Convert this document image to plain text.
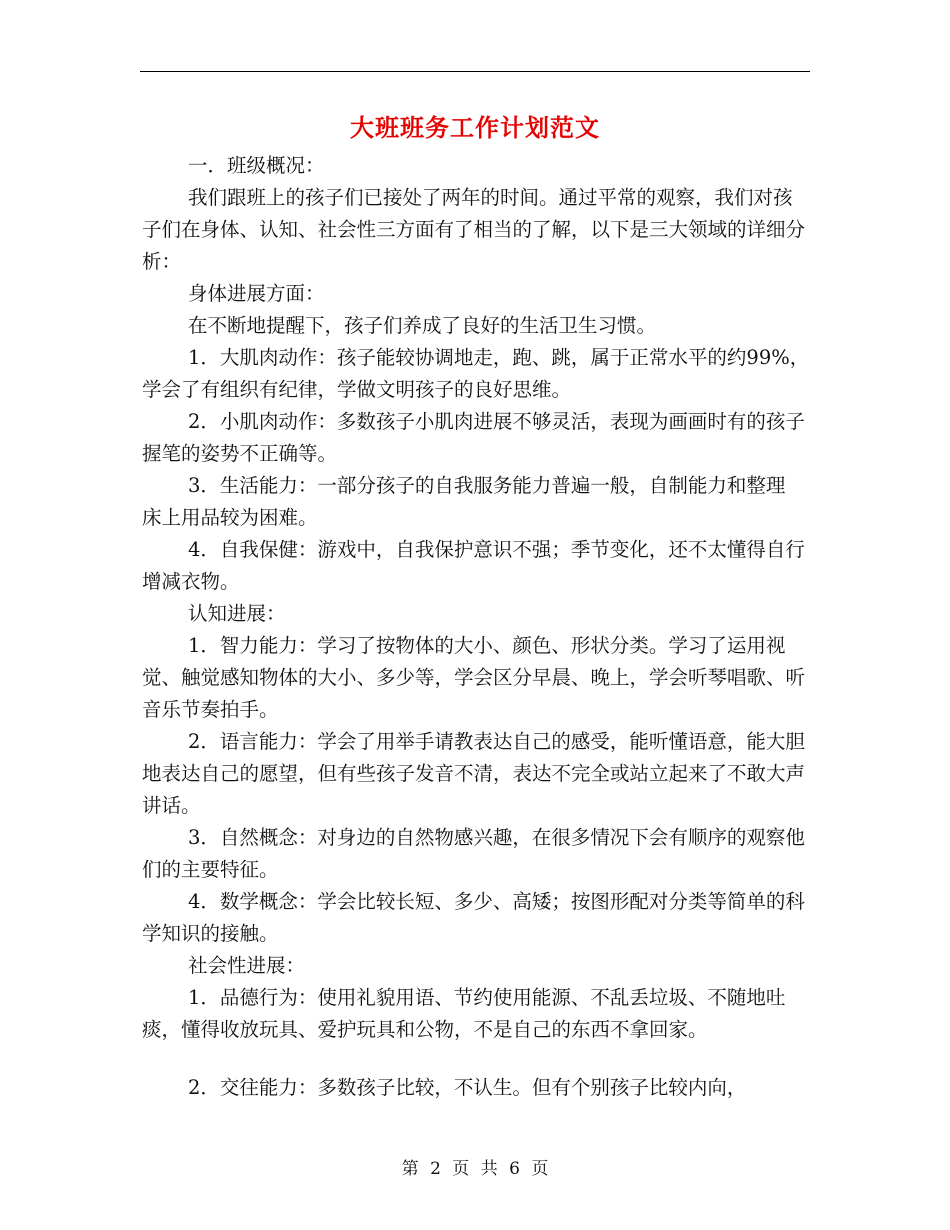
大班班务工作计划范文

一．班级概况：

我们跟班上的孩子们已接处了两年的时间。通过平常的观察，我们对孩子们在身体、认知、社会性三方面有了相当的了解，以下是三大领域的详细分析：

身体进展方面：

在不断地提醒下，孩子们养成了良好的生活卫生习惯。

1．大肌肉动作：孩子能较协调地走，跑、跳，属于正常水平的约99%，学会了有组织有纪律，学做文明孩子的良好思维。

2．小肌肉动作：多数孩子小肌肉进展不够灵活，表现为画画时有的孩子握笔的姿势不正确等。

3．生活能力：一部分孩子的自我服务能力普遍一般，自制能力和整理 床上用品较为困难。

4．自我保健：游戏中，自我保护意识不强；季节变化，还不太懂得自行增减衣物。

认知进展：

1．智力能力：学习了按物体的大小、颜色、形状分类。学习了运用视觉、触觉感知物体的大小、多少等，学会区分早晨、晚上，学会听琴唱歌、听音乐节奏拍手。

2．语言能力：学会了用举手请教表达自己的感受，能听懂语意，能大胆地表达自己的愿望，但有些孩子发音不清，表达不完全或站立起来了不敢大声讲话。

3．自然概念：对身边的自然物感兴趣，在很多情况下会有顺序的观察他们的主要特征。

4．数学概念：学会比较长短、多少、高矮；按图形配对分类等简单的科学知识的接触。

社会性进展：

1．品德行为：使用礼貌用语、节约使用能源、不乱丢垃圾、不随地吐痰，懂得收放玩具、爱护玩具和公物，不是自己的东西不拿回家。

2．交往能力：多数孩子比较，不认生。但有个别孩子比较内向，

第 2 页 共 6 页
